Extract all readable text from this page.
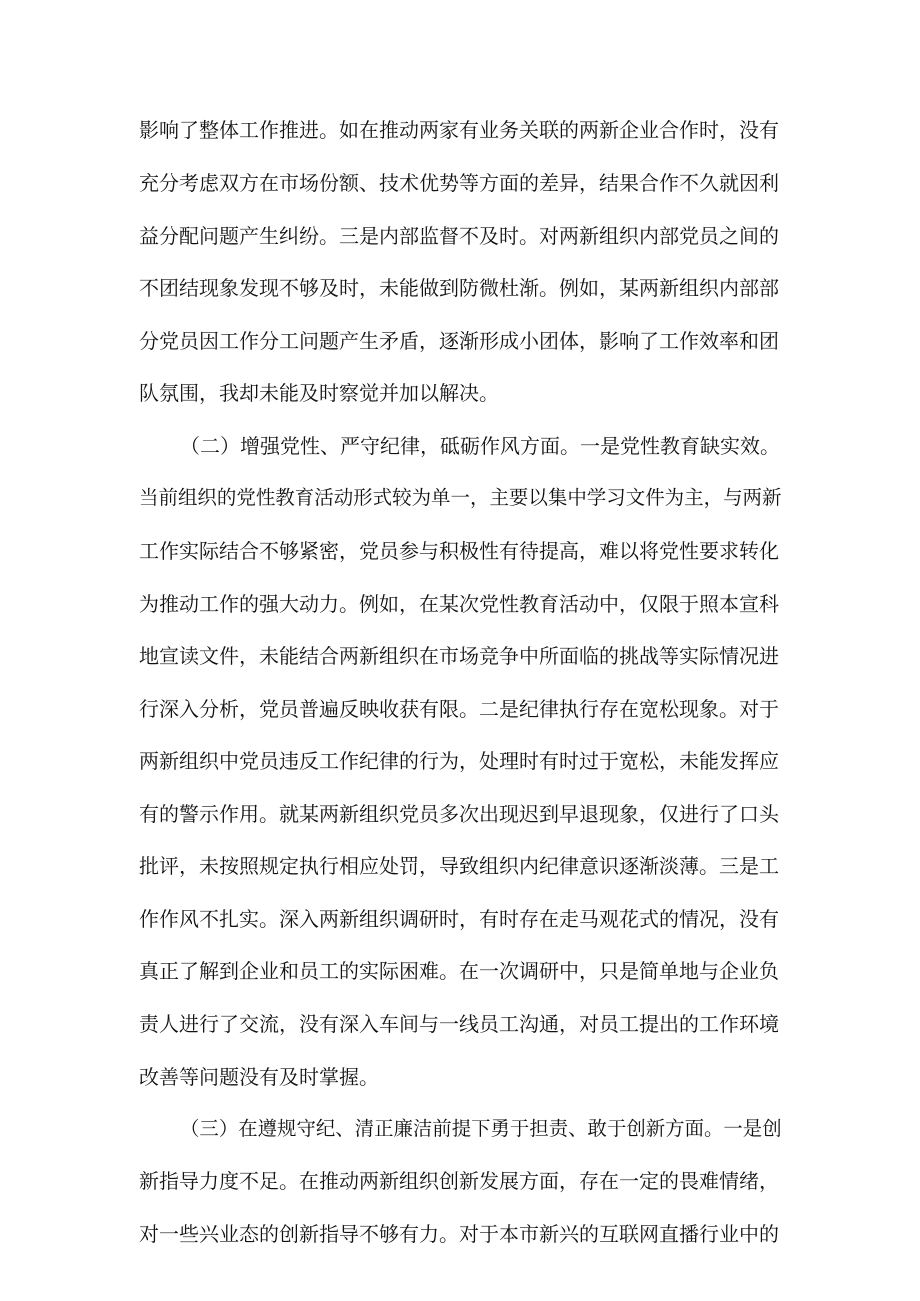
影响了整体工作推进。如在推动两家有业务关联的两新企业合作时，没有
充分考虑双方在市场份额、技术优势等方面的差异，结果合作不久就因利
益分配问题产生纠纷。三是内部监督不及时。对两新组织内部党员之间的
不团结现象发现不够及时，未能做到防微杜渐。例如，某两新组织内部部
分党员因工作分工问题产生矛盾，逐渐形成小团体，影响了工作效率和团
队氛围，我却未能及时察觉并加以解决。
（二）增强党性、严守纪律，砥砺作风方面。一是党性教育缺实效。
当前组织的党性教育活动形式较为单一，主要以集中学习文件为主，与两新
工作实际结合不够紧密，党员参与积极性有待提高，难以将党性要求转化
为推动工作的强大动力。例如，在某次党性教育活动中，仅限于照本宣科
地宣读文件，未能结合两新组织在市场竞争中所面临的挑战等实际情况进
行深入分析，党员普遍反映收获有限。二是纪律执行存在宽松现象。对于
两新组织中党员违反工作纪律的行为，处理时有时过于宽松，未能发挥应
有的警示作用。就某两新组织党员多次出现迟到早退现象，仅进行了口头
批评，未按照规定执行相应处罚，导致组织内纪律意识逐渐淡薄。三是工
作作风不扎实。深入两新组织调研时，有时存在走马观花式的情况，没有
真正了解到企业和员工的实际困难。在一次调研中，只是简单地与企业负
责人进行了交流，没有深入车间与一线员工沟通，对员工提出的工作环境
改善等问题没有及时掌握。
（三）在遵规守纪、清正廉洁前提下勇于担责、敢于创新方面。一是创
新指导力度不足。在推动两新组织创新发展方面，存在一定的畏难情绪，
对一些兴业态的创新指导不够有力。对于本市新兴的互联网直播行业中的
